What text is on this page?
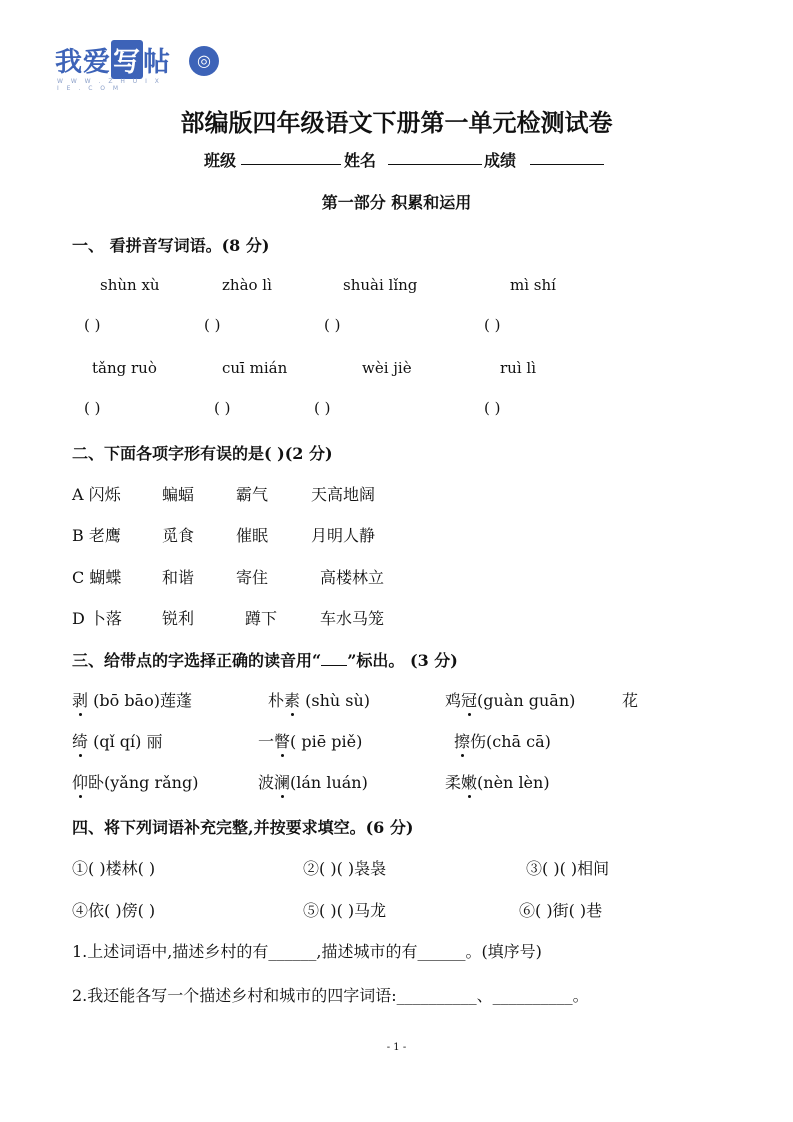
我爱写帖	◎
W W W . Z H U I X I E . C O M
部编版四年级语文下册第一单元检测试卷
班级	姓名	成绩
第一部分 积累和运用
一、 看拼音写词语。(8 分)
shùn xù	zhào lì	shuài lǐng	mì shí
( )	( )	( )	( )
tǎng ruò	cuī mián	wèi jiè	ruì lì
( )	( )	( )	( )
二、下面各项字形有误的是( )(2 分)
A 闪烁	蝙蝠	霸气	天高地阔
B 老鹰	觅食	催眠	月明人静
C 蝴蝶	和谐	寄住	高楼林立
D 卜落	锐利	蹲下	车水马笼
三、给带点的字选择正确的读音用“ ”标出。 (3 分)
剥 (bō bāo)莲蓬	朴素 (shù sù)	鸡冠(guàn guān)	花
绮 (qǐ qí) 丽	一瞥( piē piě)	擦伤(chā cā)
仰卧(yǎng rǎng)	波澜(lán luán)	柔嫩(nèn lèn)
四、将下列词语补充完整,并按要求填空。(6 分)
①( )楼林( )	②( )( )袅袅	③( )( )相间
④依( )傍( )	⑤( )( )马龙	⑥( )街( )巷
1.上述词语中,描述乡村的有______,描述城市的有______。(填序号)
2.我还能各写一个描述乡村和城市的四字词语:__________、__________。
- 1 -
